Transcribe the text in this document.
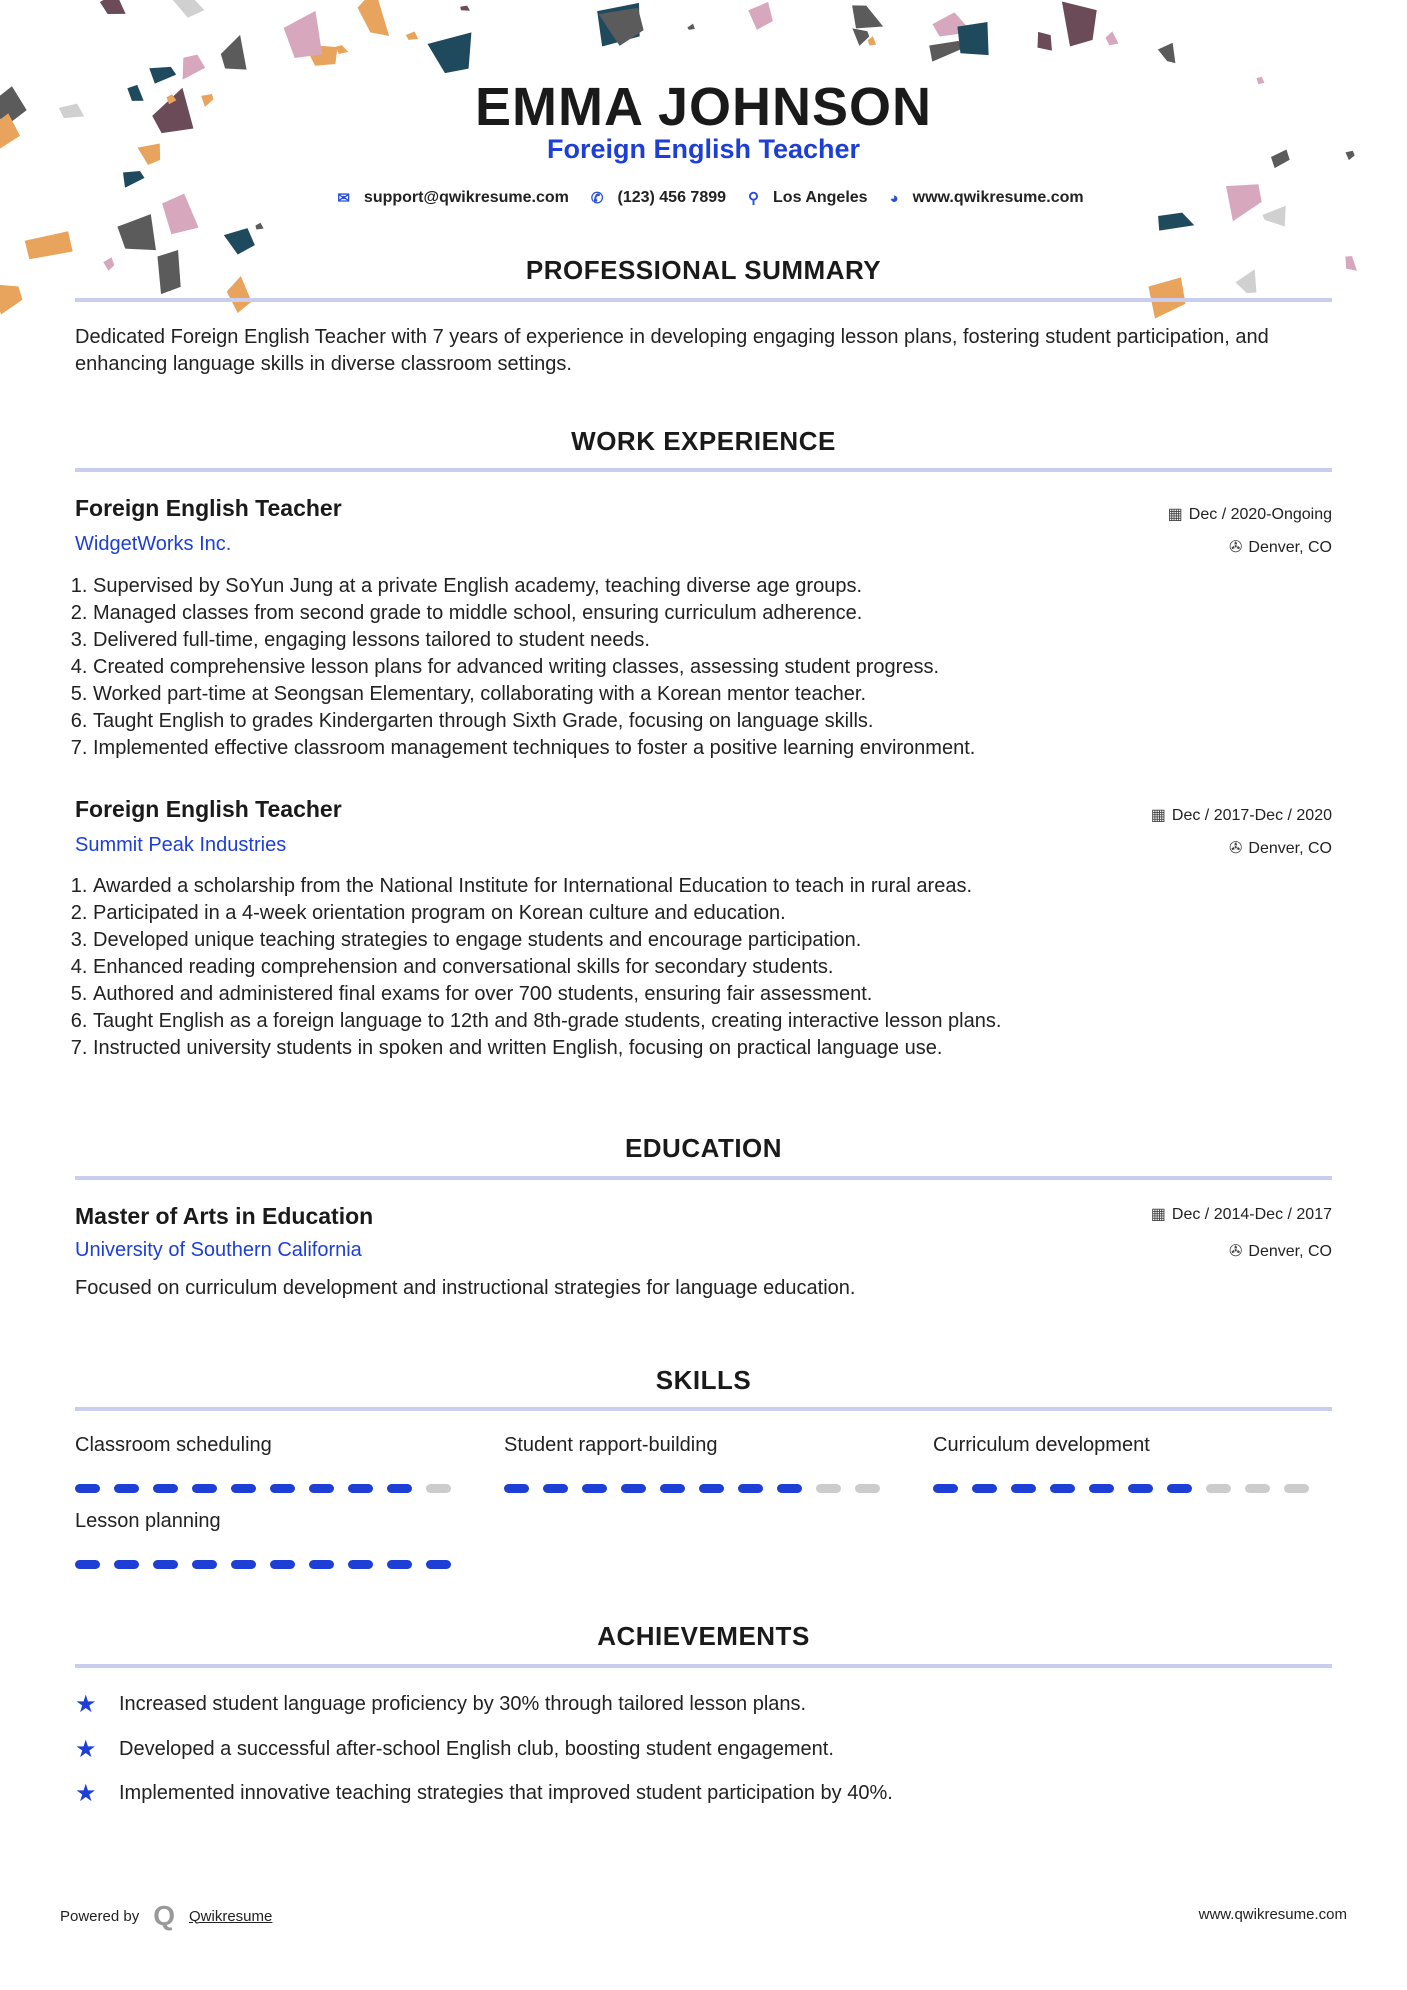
EMMA JOHNSON
Foreign English Teacher
✉ support@qwikresume.com ✆ (123) 456 7899 ⚲ Los Angeles ◕ www.qwikresume.com
PROFESSIONAL SUMMARY
Dedicated Foreign English Teacher with 7 years of experience in developing engaging lesson plans, fostering student participation, and enhancing language skills in diverse classroom settings.
WORK EXPERIENCE
Foreign English Teacher
WidgetWorks Inc.
▦ Dec / 2020-Ongoing
✇ Denver, CO
1. Supervised by SoYun Jung at a private English academy, teaching diverse age groups.
2. Managed classes from second grade to middle school, ensuring curriculum adherence.
3. Delivered full-time, engaging lessons tailored to student needs.
4. Created comprehensive lesson plans for advanced writing classes, assessing student progress.
5. Worked part-time at Seongsan Elementary, collaborating with a Korean mentor teacher.
6. Taught English to grades Kindergarten through Sixth Grade, focusing on language skills.
7. Implemented effective classroom management techniques to foster a positive learning environment.
Foreign English Teacher
Summit Peak Industries
▦ Dec / 2017-Dec / 2020
✇ Denver, CO
1. Awarded a scholarship from the National Institute for International Education to teach in rural areas.
2. Participated in a 4-week orientation program on Korean culture and education.
3. Developed unique teaching strategies to engage students and encourage participation.
4. Enhanced reading comprehension and conversational skills for secondary students.
5. Authored and administered final exams for over 700 students, ensuring fair assessment.
6. Taught English as a foreign language to 12th and 8th-grade students, creating interactive lesson plans.
7. Instructed university students in spoken and written English, focusing on practical language use.
EDUCATION
Master of Arts in Education
University of Southern California
▦ Dec / 2014-Dec / 2017
✇ Denver, CO
Focused on curriculum development and instructional strategies for language education.
SKILLS
Classroom scheduling	Student rapport-building	Curriculum development
Lesson planning
ACHIEVEMENTS
★	Increased student language proficiency by 30% through tailored lesson plans.
★	Developed a successful after-school English club, boosting student engagement.
★	Implemented innovative teaching strategies that improved student participation by 40%.
Powered by Q Qwikresume	www.qwikresume.com
